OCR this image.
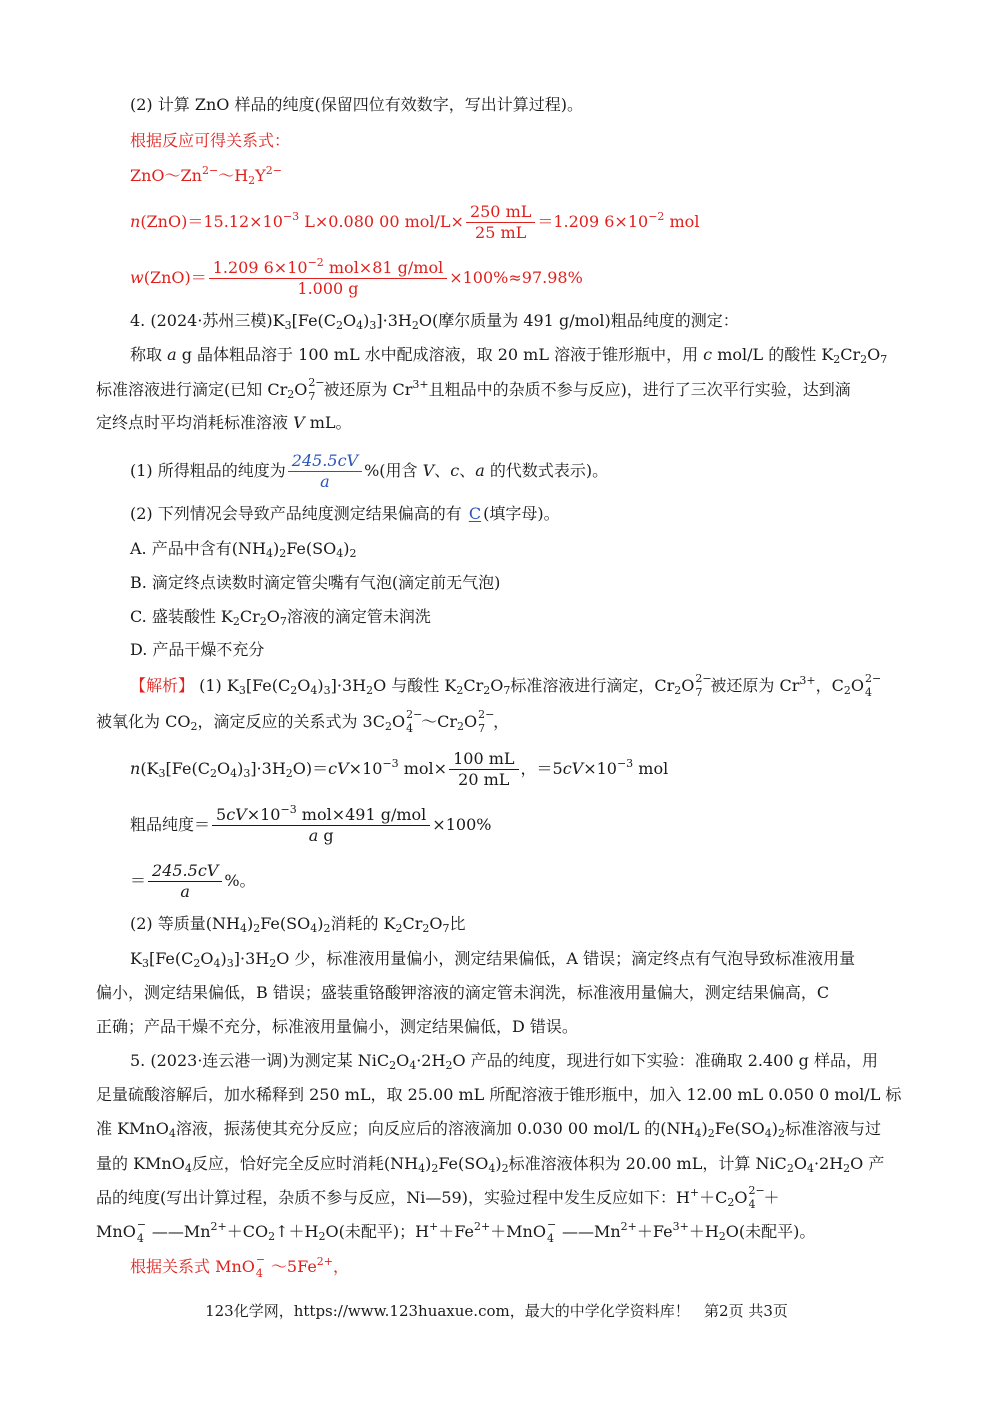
(2) 计算 ZnO 样品的纯度(保留四位有效数字，写出计算过程)。
根据反应可得关系式：
$ZnO\sim Zn^{2-}\sim H_2Y^{2-}$
$n(ZnO)=15.12\times 10^{-3}$ L×0.080 00 $mol/L\times \frac{250 mL}{25 mL} =1.209$ $6\times 10^{-2}$ mol
$w(ZnO)= \frac{1.209 6\times 10^{-2} mol\times 81 g/mol}{1.000 g} \times 100\%\approx 97.98\%$
4. (2024·苏州三模)$K_3[Fe(C_2O_4)_3]\cdot 3H_2O$(摩尔质量为 491 g/mol)粗品纯度的测定：
称取 a g 晶体粗品溶于 100 mL 水中配成溶液，取 20 mL 溶液于锥形瓶中，用 c mol/L 的酸性 $K_2Cr_2O_7$
标准溶液进行滴定(已知 $Cr_2O$ 2−
7 被还原为 $Cr^{3+}$且粗品中的杂质不参与反应)，进行了三次平行实验，达到滴
定终点时平均消耗标准溶液 V mL。
(1) 所得粗品的纯度为 $\frac{245.5cV}{a}$ %(用含 V、c、a 的代数式表示)。
(2) 下列情况会导致产品纯度测定结果偏高的有 C (填字母)。
A. 产品中含有$(NH_4)_2Fe(SO_4)_2$
B. 滴定终点读数时滴定管尖嘴有气泡(滴定前无气泡)
C. 盛装酸性 $K_2Cr_2O_7$溶液的滴定管未润洗
D. 产品干燥不充分
【解析】 (1) $K_3[Fe(C_2O_4)_3]\cdot 3H_2O$ 与酸性 $K_2Cr_2O_7$标准溶液进行滴定，$Cr_2O$ 2−
7 被还原为 $Cr^{3+}$，$C_2O$ 2−
4
被氧化为 $CO_2$，滴定反应的关系式为 $3C_2O$ 2−
4 $\sim Cr_2O$ 2−
7 ，
$n(K_3[Fe(C_2O_4)_3]\cdot 3H_2O)=cV\times 10^{-3}$ $mol\times \frac{100 mL}{20 mL}$ ，$=5cV\times 10^{-3}$ mol
粗品纯度＝ $\frac{5cV\times 10^{-3} mol\times 491 g/mol}{\text{a g}} \times 100\%$
＝ $\frac{245.5cV}{a}$ %。
(2) 等质量$(NH_4)_2Fe(SO_4)_2$消耗的 $K_2Cr_2O_7$比
$K_3[Fe(C_2O_4)_3]\cdot 3H_2O$ 少，标准液用量偏小，测定结果偏低，A 错误；滴定终点有气泡导致标准液用量
偏小，测定结果偏低，B 错误；盛装重铬酸钾溶液的滴定管未润洗，标准液用量偏大，测定结果偏高，C
正确；产品干燥不充分，标准液用量偏小，测定结果偏低，D 错误。
5. (2023·连云港一调)为测定某 $NiC_2O_4\cdot 2H_2O$ 产品的纯度，现进行如下实验：准确取 2.400 g 样品，用
足量硫酸溶解后，加水稀释到 250 mL，取 25.00 mL 所配溶液于锥形瓶中，加入 12.00 mL 0.050 0 mol/L 标
准 KMnO$_4$溶液，振荡使其充分反应；向反应后的溶液滴加 0.030 00 mol/L 的$(NH_4)_2Fe(SO_4)_2$标准溶液与过
量的 KMnO$_4$反应，恰好完全反应时消耗$(NH_4)_2Fe(SO_4)_2$标准溶液体积为 20.00 mL，计算 $NiC_2O_4\cdot 2H_2O$ 产
品的纯度(写出计算过程，杂质不参与反应，Ni—59)，实验过程中发生反应如下：$H^++C_2O$ 2−
4 ＋
MnO −
4 $——Mn^{2+}+CO_2↑+H_2O$(未配平)；$H^++Fe^{2+}+MnO$ −
4 $——Mn^{2+}+Fe^{3+}+H_2O$(未配平)。
根据关系式 MnO −
4 $\sim 5Fe^{2+}$，
123化学网，https://www.123huaxue.com，最大的中学化学资料库！ 第2页 共3页
